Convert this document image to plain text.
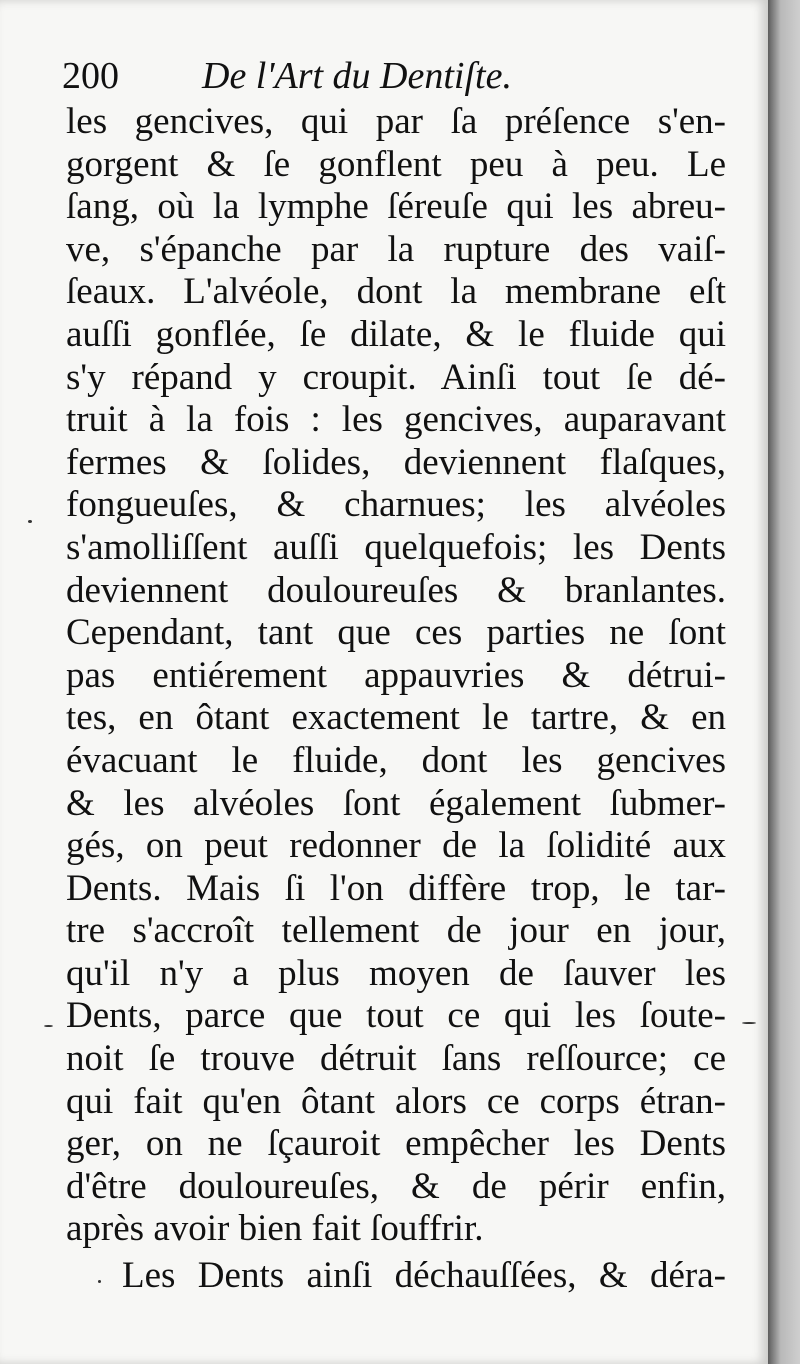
200 De l'Art du Dentiſte.
les gencives, qui par ſa préſence s'en-
gorgent & ſe gonflent peu à peu. Le
ſang, où la lymphe ſéreuſe qui les abreu-
ve, s'épanche par la rupture des vaiſ-
ſeaux. L'alvéole, dont la membrane eſt
auſſi gonflée, ſe dilate, & le fluide qui
s'y répand y croupit. Ainſi tout ſe dé-
truit à la fois : les gencives, auparavant
fermes & ſolides, deviennent flaſques,
fongueuſes, & charnues; les alvéoles
s'amolliſſent auſſi quelquefois; les Dents
deviennent douloureuſes & branlantes.
Cependant, tant que ces parties ne ſont
pas entiérement appauvries & détrui-
tes, en ôtant exactement le tartre, & en
évacuant le fluide, dont les gencives
& les alvéoles ſont également ſubmer-
gés, on peut redonner de la ſolidité aux
Dents. Mais ſi l'on diffère trop, le tar-
tre s'accroît tellement de jour en jour,
qu'il n'y a plus moyen de ſauver les
Dents, parce que tout ce qui les ſoute-
noit ſe trouve détruit ſans reſſource; ce
qui fait qu'en ôtant alors ce corps étran-
ger, on ne ſçauroit empêcher les Dents
d'être douloureuſes, & de périr enfin,
après avoir bien fait ſouffrir.
Les Dents ainſi déchauſſées, & déra-
